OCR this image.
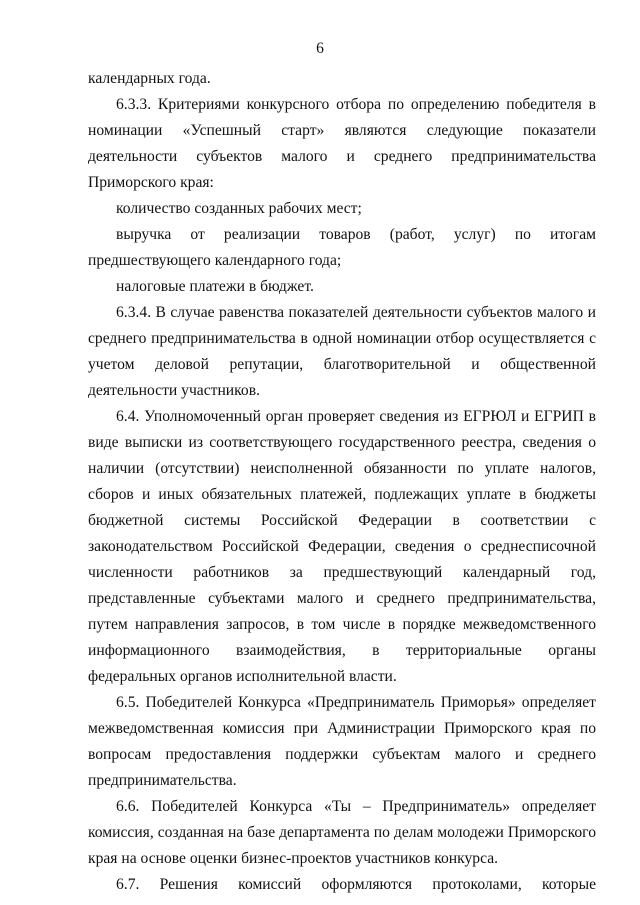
6

календарных года.

6.3.3. Критериями конкурсного отбора по определению победителя в номинации «Успешный старт» являются следующие показатели деятельности субъектов малого и среднего предпринимательства Приморского края:

количество созданных рабочих мест;

выручка от реализации товаров (работ, услуг) по итогам предшествующего календарного года;

налоговые платежи в бюджет.

6.3.4. В случае равенства показателей деятельности субъектов малого и среднего предпринимательства в одной номинации отбор осуществляется с учетом деловой репутации, благотворительной и общественной деятельности участников.

6.4. Уполномоченный орган проверяет сведения из ЕГРЮЛ и ЕГРИП в виде выписки из соответствующего государственного реестра, сведения о наличии (отсутствии) неисполненной обязанности по уплате налогов, сборов и иных обязательных платежей, подлежащих уплате в бюджеты бюджетной системы Российской Федерации в соответствии с законодательством Российской Федерации, сведения о среднесписочной численности работников за предшествующий календарный год, представленные субъектами малого и среднего предпринимательства, путем направления запросов, в том числе в порядке межведомственного информационного взаимодействия, в территориальные органы федеральных органов исполнительной власти.

6.5. Победителей Конкурса «Предприниматель Приморья» определяет межведомственная комиссия при Администрации Приморского края по вопросам предоставления поддержки субъектам малого и среднего предпринимательства.

6.6. Победителей Конкурса «Ты – Предприниматель» определяет комиссия, созданная на базе департамента по делам молодежи Приморского края на основе оценки бизнес-проектов участников конкурса.

6.7. Решения комиссий оформляются протоколами, которые
